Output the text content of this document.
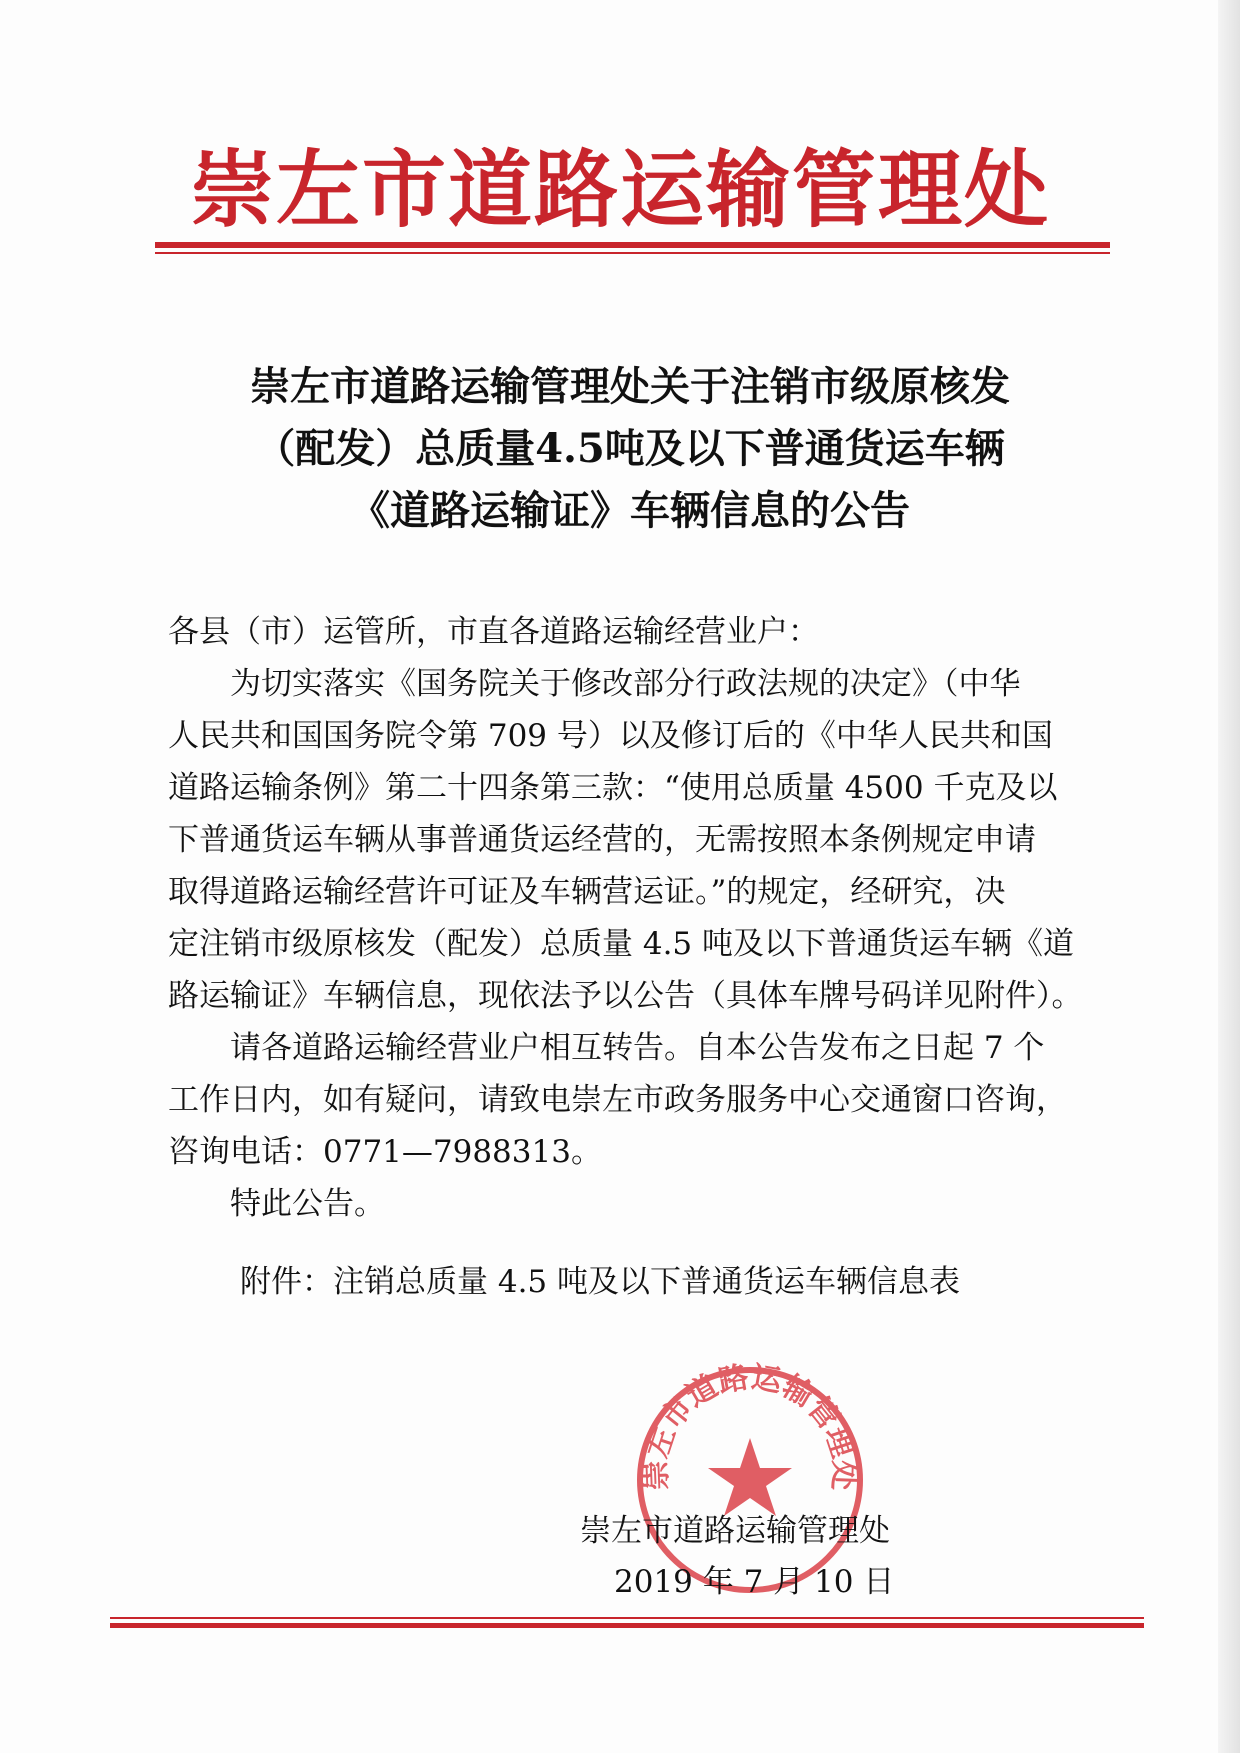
崇左市道路运输管理处
崇左市道路运输管理处关于注销市级原核发
（配发）总质量4.5吨及以下普通货运车辆
《道路运输证》车辆信息的公告

各县（市）运管所，市直各道路运输经营业户：

为切实落实《国务院关于修改部分行政法规的决定》（中华

人民共和国国务院令第 709 号）以及修订后的《中华人民共和国
道路运输条例》第二十四条第三款：“使用总质量 4500 千克及以
下普通货运车辆从事普通货运经营的，无需按照本条例规定申请
取得道路运输经营许可证及车辆营运证。”的规定，经研究，决
定注销市级原核发（配发）总质量 4.5 吨及以下普通货运车辆《道
路运输证》车辆信息，现依法予以公告（具体车牌号码详见附件）。

请各道路运输经营业户相互转告。自本公告发布之日起 7 个

工作日内，如有疑问，请致电崇左市政务服务中心交通窗口咨询，
咨询电话：0771—7988313。

特此公告。

附件：注销总质量 4.5 吨及以下普通货运车辆信息表
崇左市道路运输管理处
崇左市道路运输管理处
2019 年 7 月 10 日
